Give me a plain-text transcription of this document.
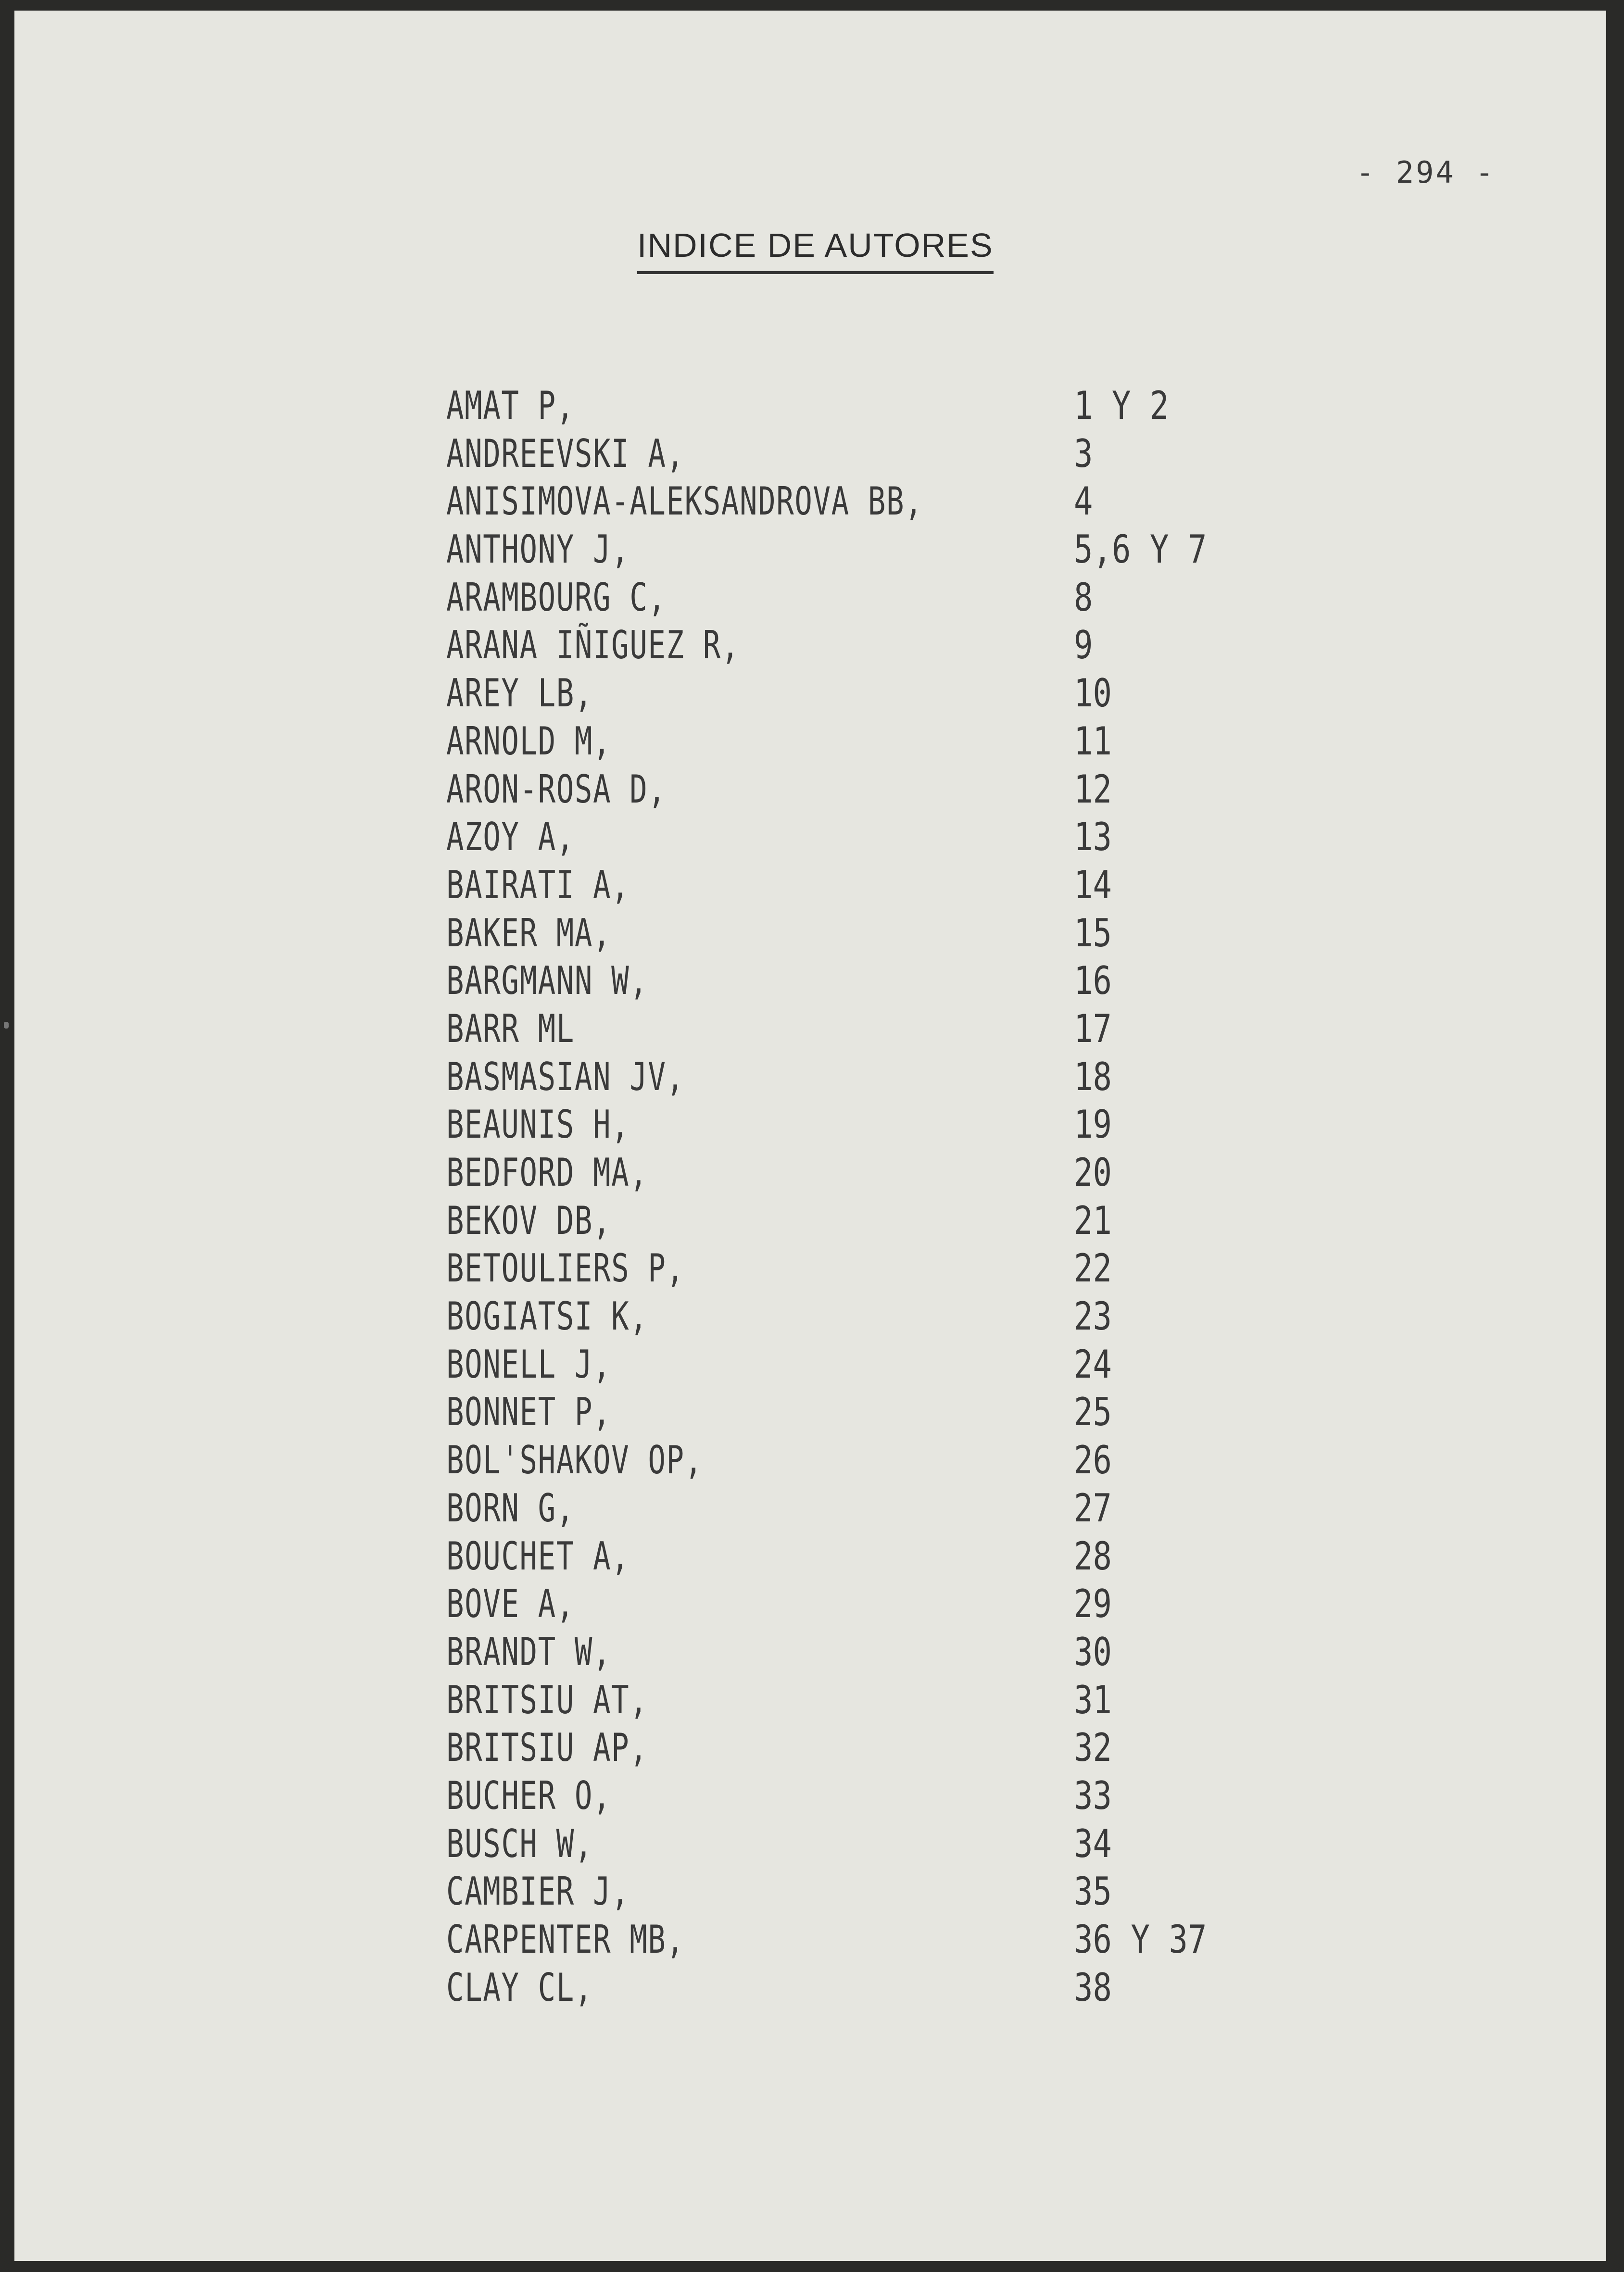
- 294 -
INDICE DE AUTORES
AMAT P,	1 Y 2
ANDREEVSKI A,	3
ANISIMOVA-ALEKSANDROVA BB,	4
ANTHONY J,	5,6 Y 7
ARAMBOURG C,	8
ARANA IÑIGUEZ R,	9
AREY LB,	10
ARNOLD M,	11
ARON-ROSA D,	12
AZOY A,	13
BAIRATI A,	14
BAKER MA,	15
BARGMANN W,	16
BARR ML	17
BASMASIAN JV,	18
BEAUNIS H,	19
BEDFORD MA,	20
BEKOV DB,	21
BETOULIERS P,	22
BOGIATSI K,	23
BONELL J,	24
BONNET P,	25
BOL'SHAKOV OP,	26
BORN G,	27
BOUCHET A,	28
BOVE A,	29
BRANDT W,	30
BRITSIU AT,	31
BRITSIU AP,	32
BUCHER O,	33
BUSCH W,	34
CAMBIER J,	35
CARPENTER MB,	36 Y 37
CLAY CL,	38
